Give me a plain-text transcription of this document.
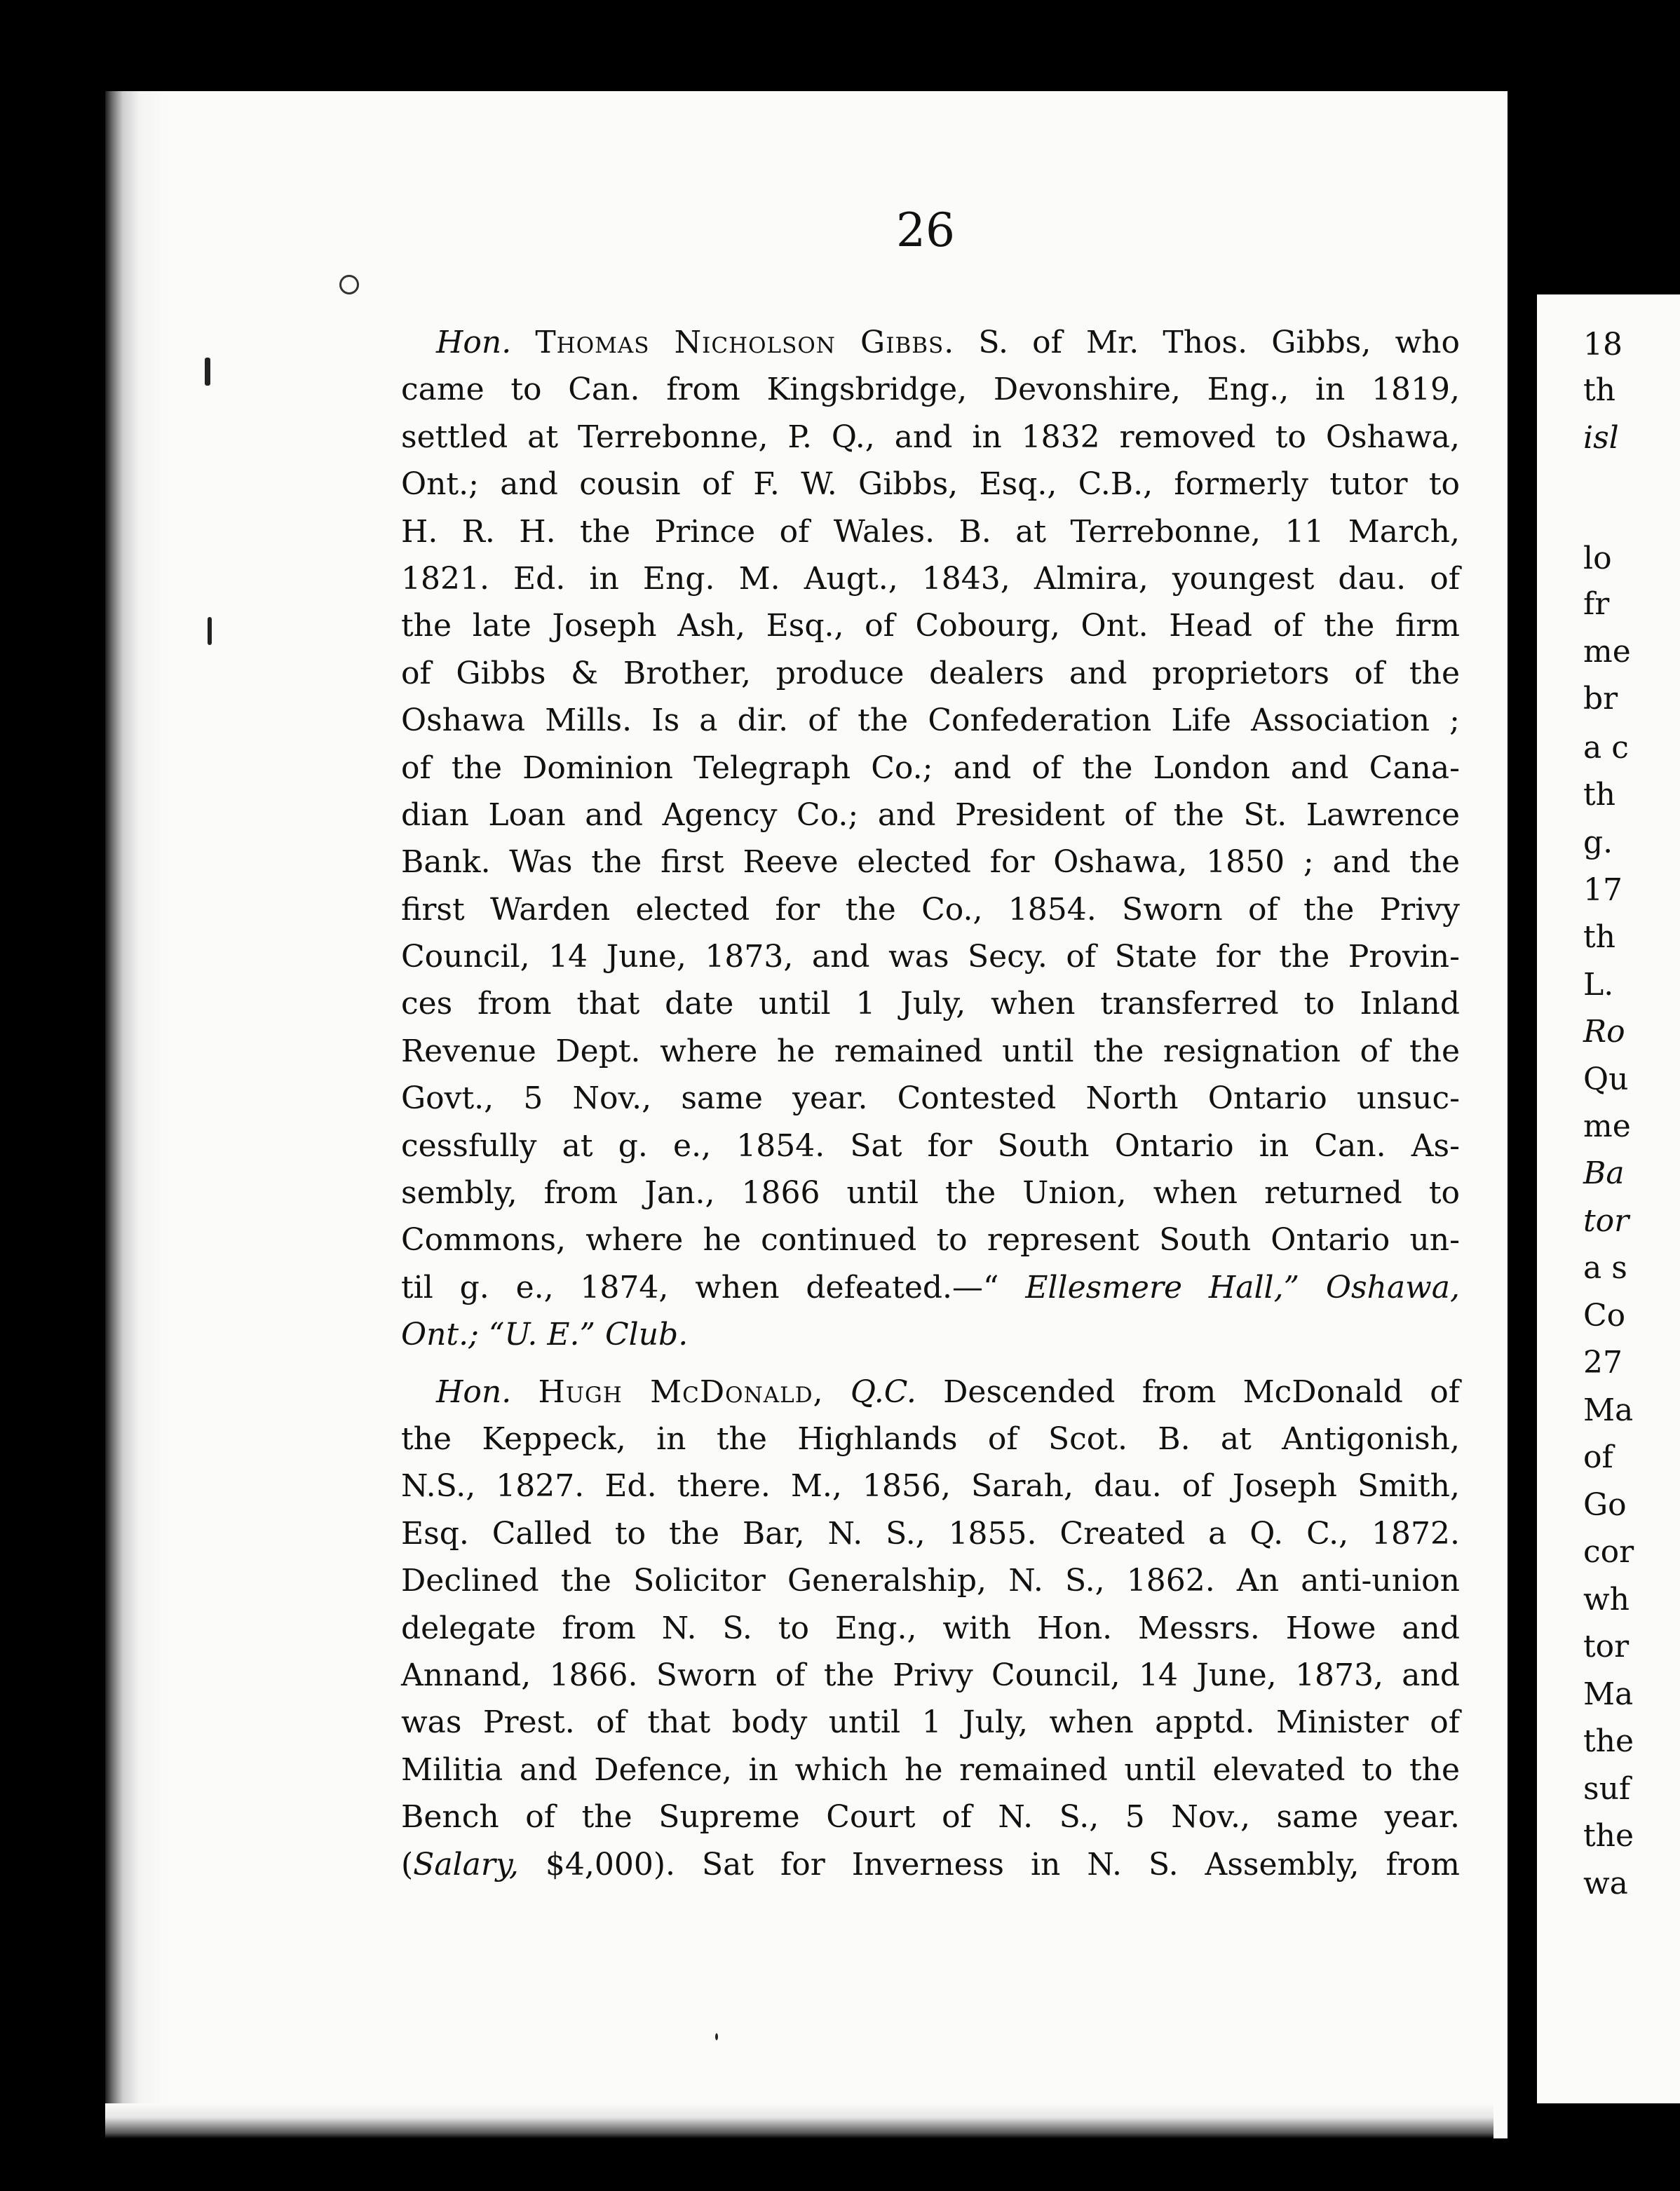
26
Hon. Thomas Nicholson Gibbs. S. of Mr. Thos. Gibbs, who
came to Can. from Kingsbridge, Devonshire, Eng., in 1819,
settled at Terrebonne, P. Q., and in 1832 removed to Oshawa,
Ont.; and cousin of F. W. Gibbs, Esq., C.B., formerly tutor to
H. R. H. the Prince of Wales. B. at Terrebonne, 11 March,
1821. Ed. in Eng. M. Augt., 1843, Almira, youngest dau. of
the late Joseph Ash, Esq., of Cobourg, Ont. Head of the firm
of Gibbs & Brother, produce dealers and proprietors of the
Oshawa Mills. Is a dir. of the Confederation Life Association ;
of the Dominion Telegraph Co.; and of the London and Cana-
dian Loan and Agency Co.; and President of the St. Lawrence
Bank. Was the first Reeve elected for Oshawa, 1850 ; and the
first Warden elected for the Co., 1854. Sworn of the Privy
Council, 14 June, 1873, and was Secy. of State for the Provin-
ces from that date until 1 July, when transferred to Inland
Revenue Dept. where he remained until the resignation of the
Govt., 5 Nov., same year. Contested North Ontario unsuc-
cessfully at g. e., 1854. Sat for South Ontario in Can. As-
sembly, from Jan., 1866 until the Union, when returned to
Commons, where he continued to represent South Ontario un-
til g. e., 1874, when defeated.—“ Ellesmere Hall,” Oshawa,
Ont.; “U. E.” Club.
Hon. Hugh McDonald, Q.C. Descended from McDonald of
the Keppeck, in the Highlands of Scot. B. at Antigonish,
N.S., 1827. Ed. there. M., 1856, Sarah, dau. of Joseph Smith,
Esq. Called to the Bar, N. S., 1855. Created a Q. C., 1872.
Declined the Solicitor Generalship, N. S., 1862. An anti-union
delegate from N. S. to Eng., with Hon. Messrs. Howe and
Annand, 1866. Sworn of the Privy Council, 14 June, 1873, and
was Prest. of that body until 1 July, when apptd. Minister of
Militia and Defence, in which he remained until elevated to the
Bench of the Supreme Court of N. S., 5 Nov., same year.
(Salary, $4,000). Sat for Inverness in N. S. Assembly, from
18
th
isl
lo
fr
me
br
a c
th
g.
17
th
L.
Ro
Qu
me
Ba
tor
a s
Co
27
Ma
of
Go
cor
wh
tor
Ma
the
suf
the
wa
